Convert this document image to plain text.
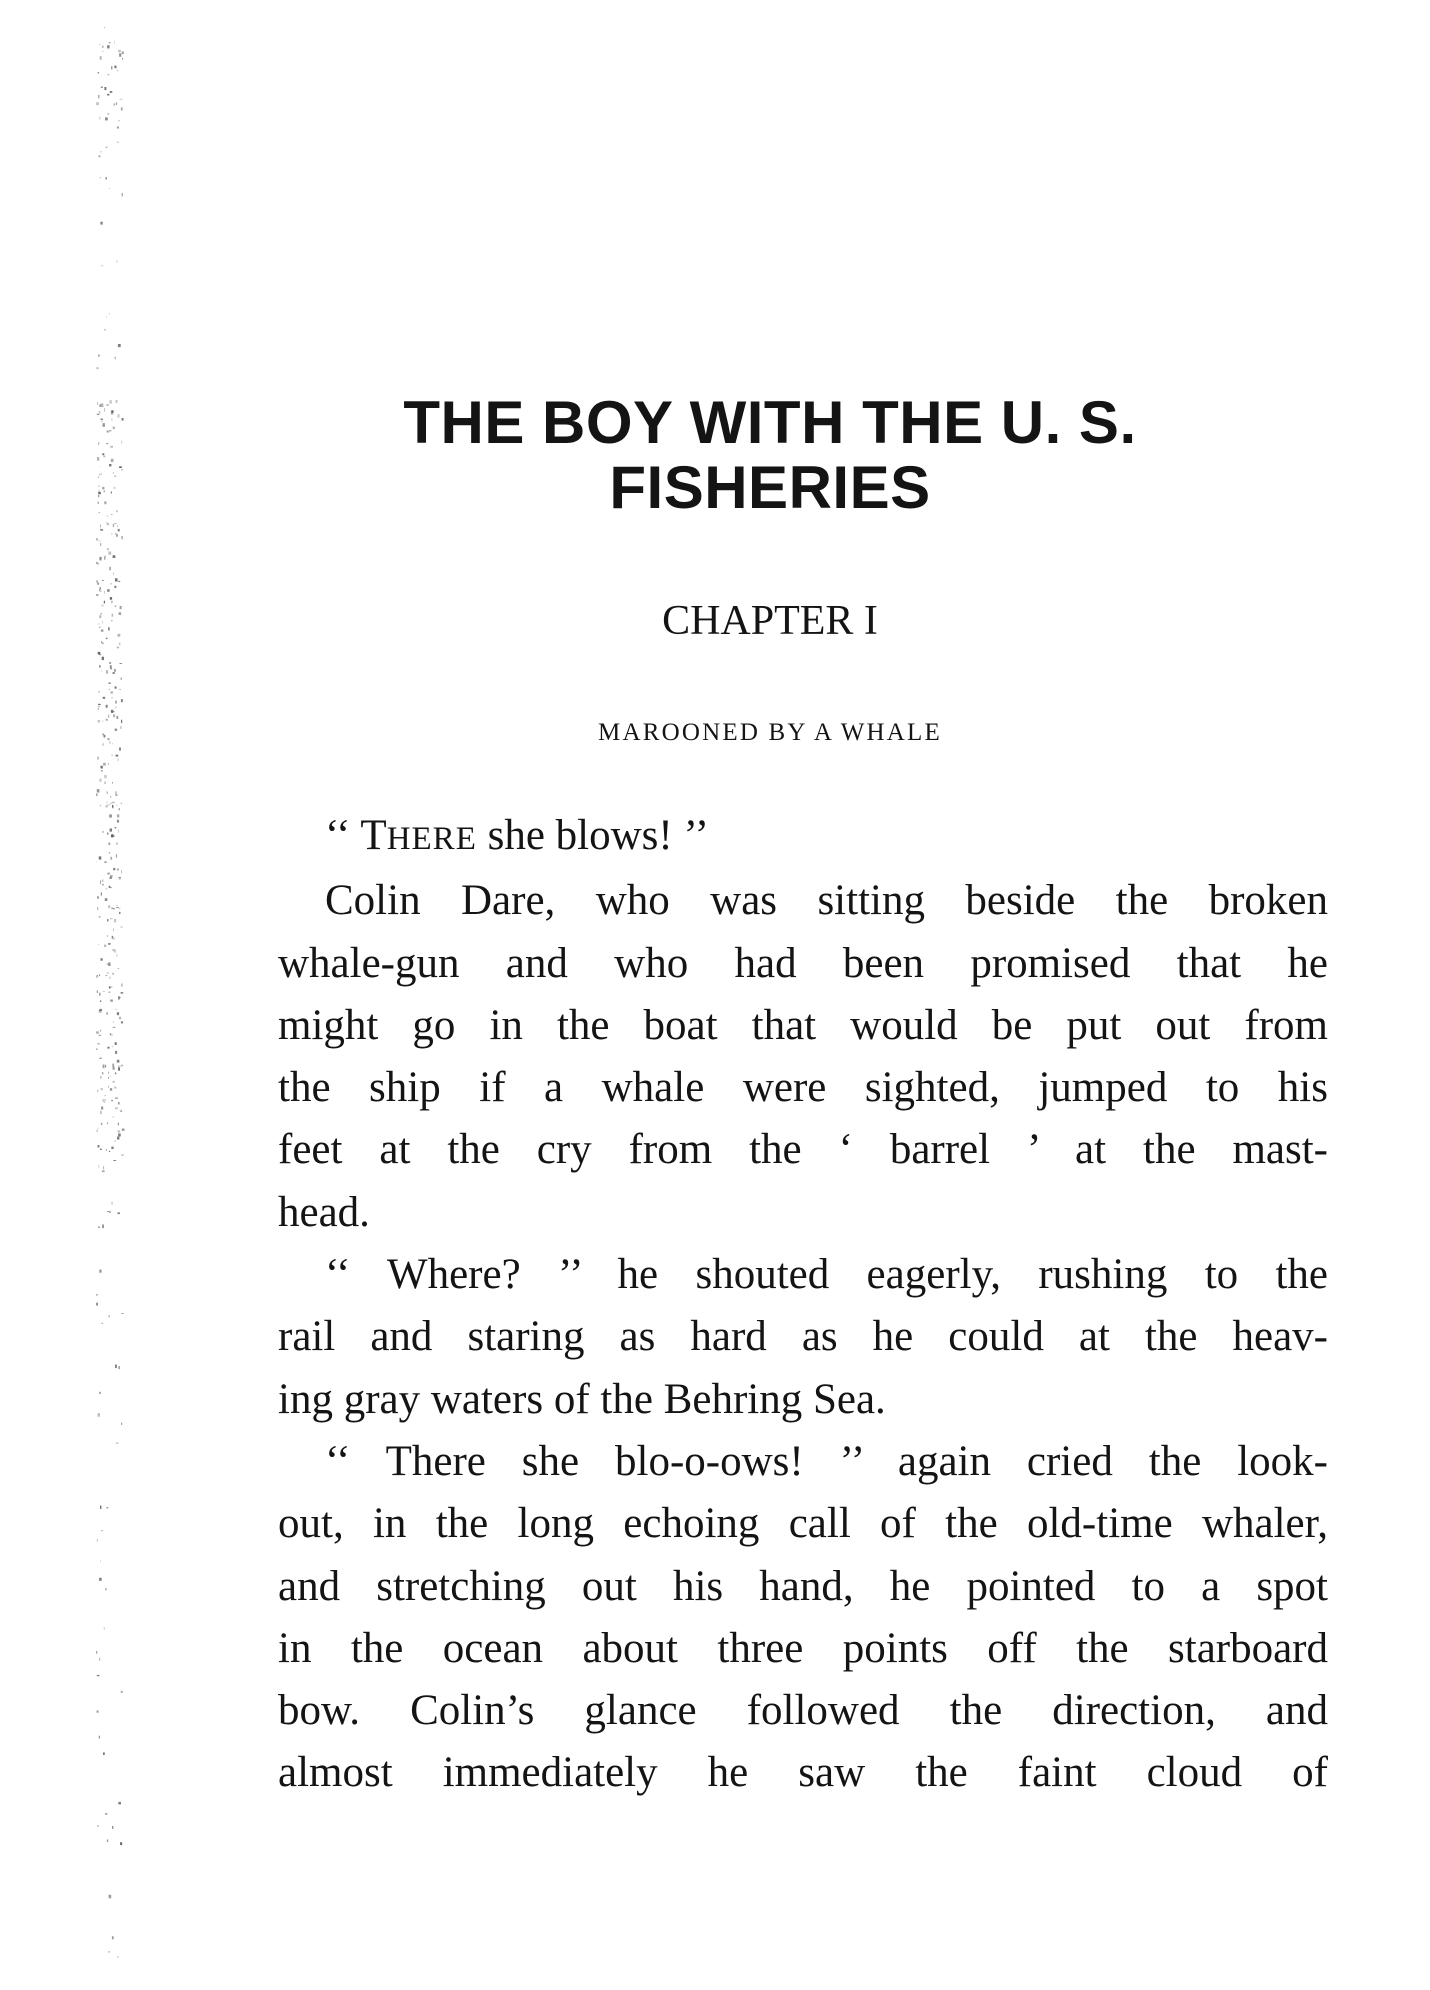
THE BOY WITH THE U. S.
FISHERIES
CHAPTER I
MAROONED BY A WHALE
‘‘ THERE she blows! ’’
Colin Dare, who was sitting beside the broken
whale-gun and who had been promised that he
might go in the boat that would be put out from
the ship if a whale were sighted, jumped to his
feet at the cry from the ‘ barrel ’ at the mast-
head.
‘‘ Where? ’’ he shouted eagerly, rushing to the
rail and staring as hard as he could at the heav-
ing gray waters of the Behring Sea.
‘‘ There she blo-o-ows! ’’ again cried the look-
out, in the long echoing call of the old-time whaler,
and stretching out his hand, he pointed to a spot
in the ocean about three points off the starboard
bow. Colin’s glance followed the direction, and
almost immediately he saw the faint cloud of
